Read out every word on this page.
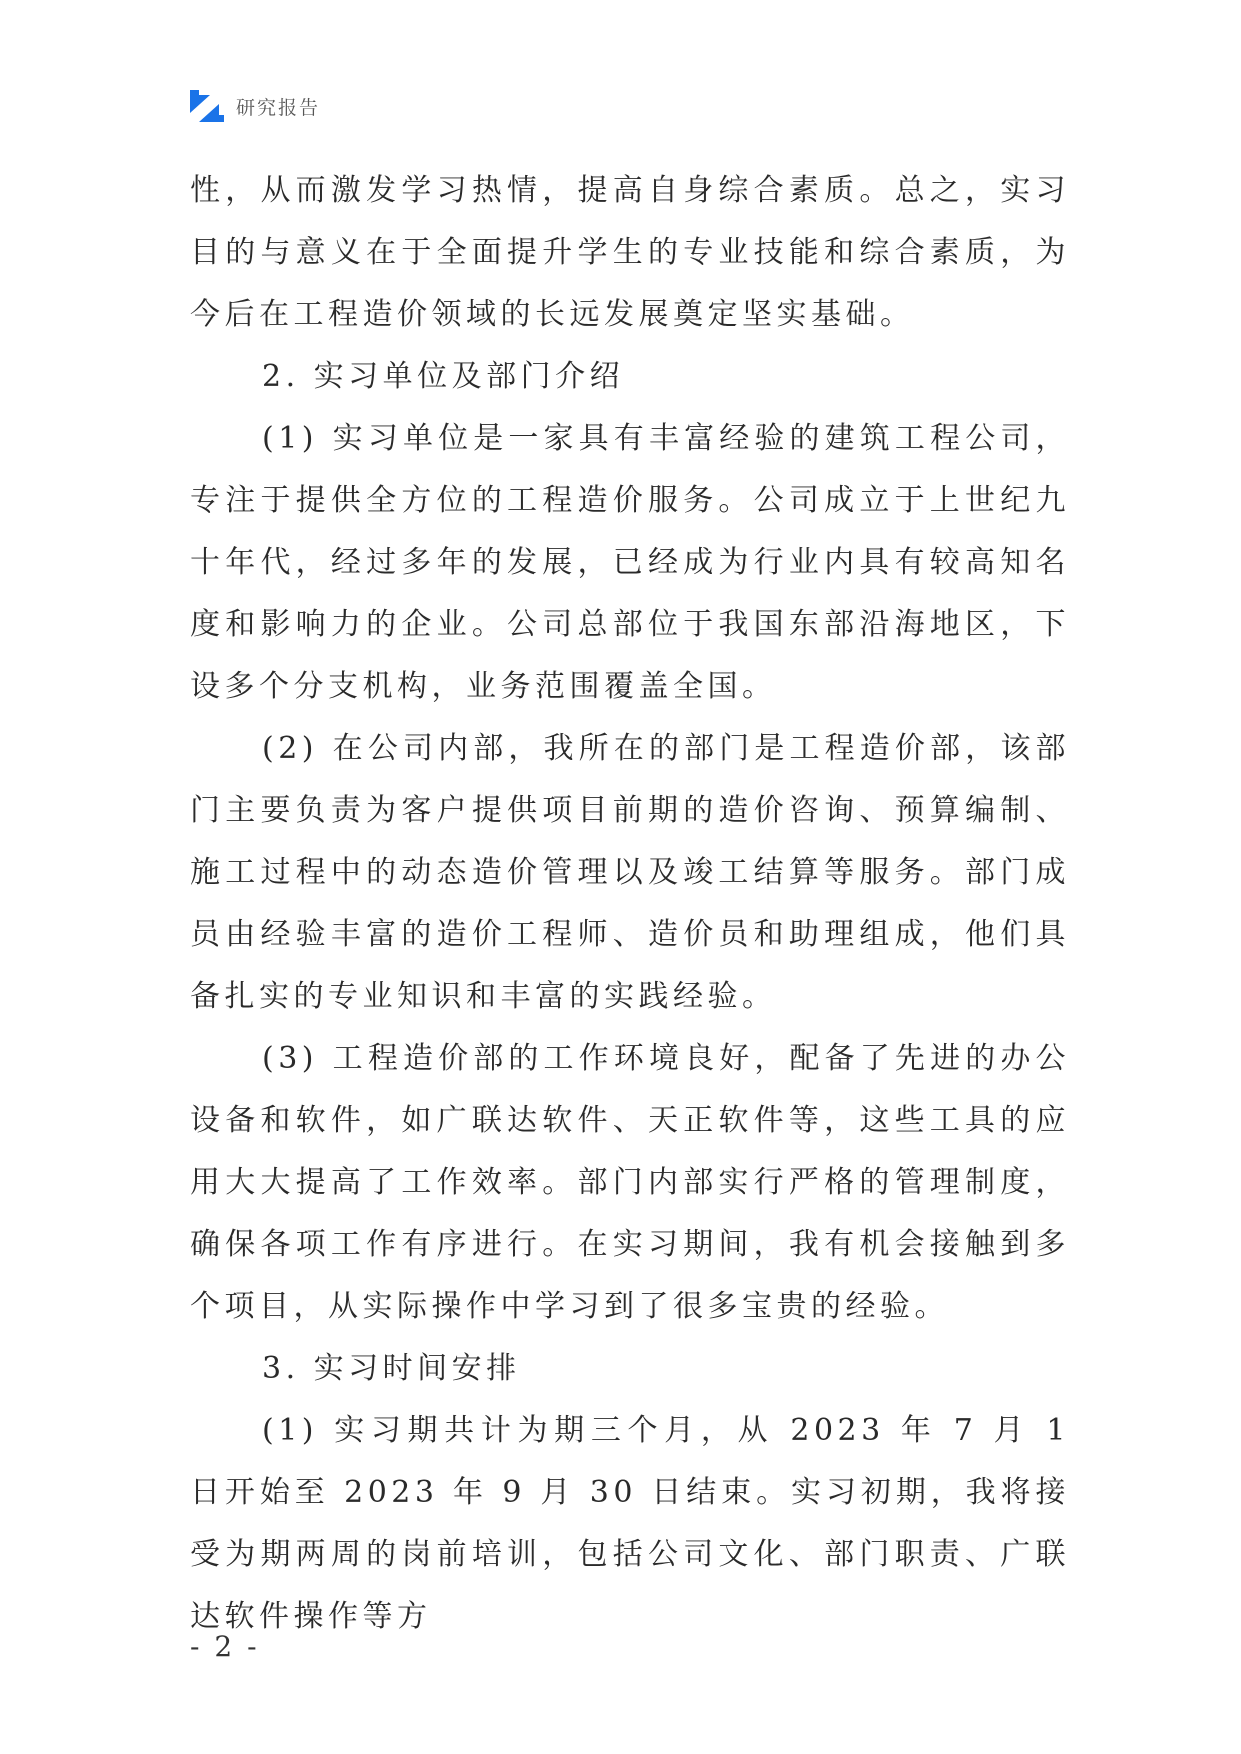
研究报告

性，从而激发学习热情，提高自身综合素质。总之，实习目的与意义在于全面提升学生的专业技能和综合素质，为今后在工程造价领域的长远发展奠定坚实基础。

2. 实习单位及部门介绍

(1) 实习单位是一家具有丰富经验的建筑工程公司，专注于提供全方位的工程造价服务。公司成立于上世纪九十年代，经过多年的发展，已经成为行业内具有较高知名度和影响力的企业。公司总部位于我国东部沿海地区，下设多个分支机构，业务范围覆盖全国。

(2) 在公司内部，我所在的部门是工程造价部，该部门主要负责为客户提供项目前期的造价咨询、预算编制、施工过程中的动态造价管理以及竣工结算等服务。部门成员由经验丰富的造价工程师、造价员和助理组成，他们具备扎实的专业知识和丰富的实践经验。

(3) 工程造价部的工作环境良好，配备了先进的办公设备和软件，如广联达软件、天正软件等，这些工具的应用大大提高了工作效率。部门内部实行严格的管理制度，确保各项工作有序进行。在实习期间，我有机会接触到多个项目，从实际操作中学习到了很多宝贵的经验。

3. 实习时间安排

(1) 实习期共计为期三个月，从 2023 年 7 月 1 日开始至 2023 年 9 月 30 日结束。实习初期，我将接受为期两周的岗前培训，包括公司文化、部门职责、广联达软件操作等方

- 2 -
